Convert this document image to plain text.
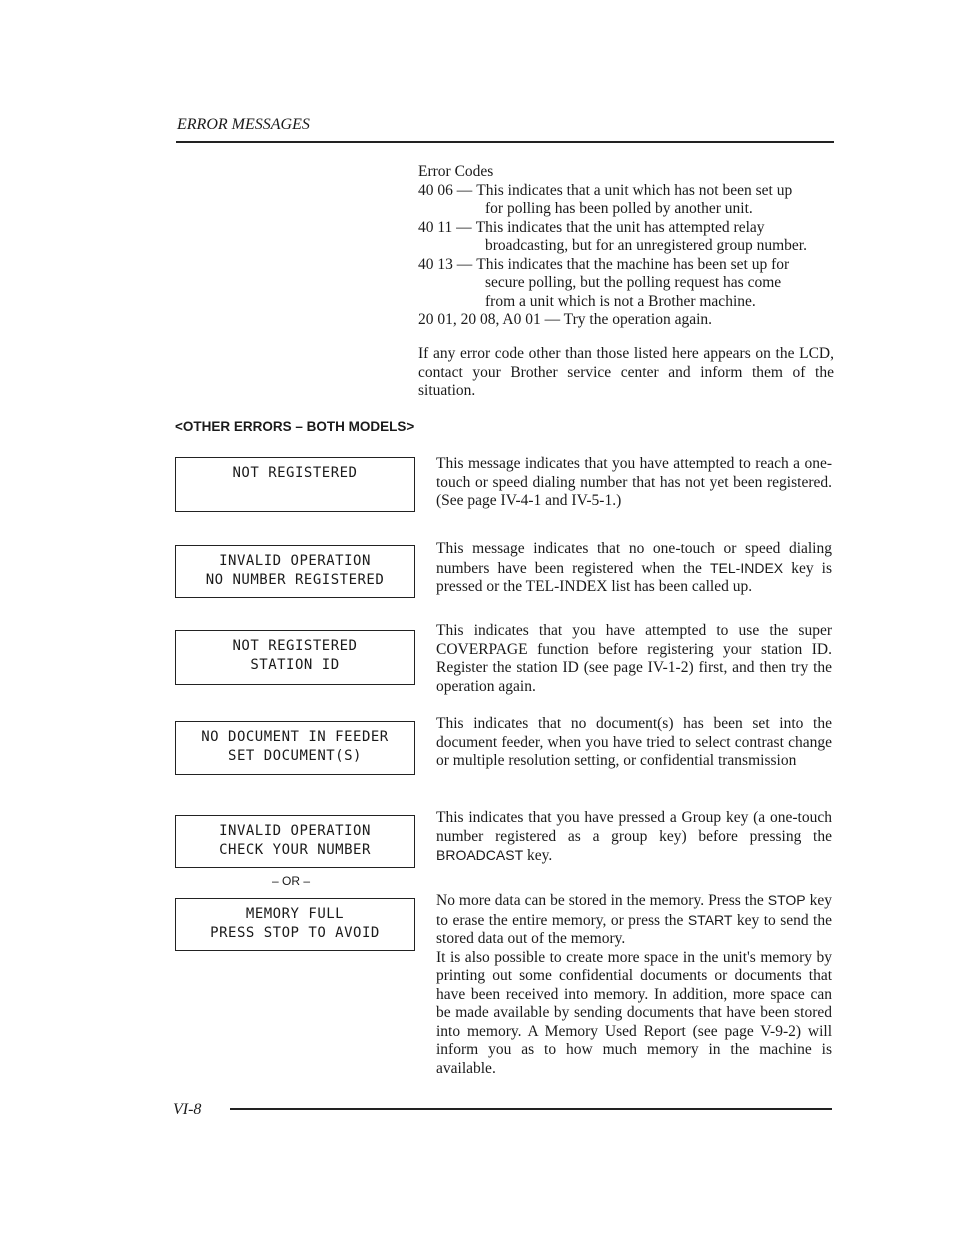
ERROR MESSAGES
Error Codes
40 06 — This indicates that a unit which has not been set up
for polling has been polled by another unit.
40 11 — This indicates that the unit has attempted relay
broadcasting, but for an unregistered group number.
40 13 — This indicates that the machine has been set up for
secure polling, but the polling request has come
from a unit which is not a Brother machine.
20 01, 20 08, A0 01 — Try the operation again.
If any error code other than those listed here appears on the LCD, contact your Brother service center and inform them of the situation.
<OTHER ERRORS – BOTH MODELS>
NOT REGISTERED
This message indicates that you have attempted to reach a one-touch or speed dialing number that has not yet been registered. (See page IV-4-1 and IV-5-1.)
INVALID OPERATION
NO NUMBER REGISTERED
This message indicates that no one-touch or speed dialing numbers have been registered when the TEL-INDEX key is pressed or the TEL-INDEX list has been called up.
NOT REGISTERED
STATION ID
This indicates that you have attempted to use the super COVERPAGE function before registering your station ID. Register the station ID (see page IV-1-2) first, and then try the operation again.
NO DOCUMENT IN FEEDER
SET DOCUMENT(S)
This indicates that no document(s) has been set into the document feeder, when you have tried to select contrast change or multiple resolution setting, or confidential transmission
INVALID OPERATION
CHECK YOUR NUMBER
This indicates that you have pressed a Group key (a one-touch number registered as a group key) before pressing the BROADCAST key.
– OR –
MEMORY FULL
PRESS STOP TO AVOID
No more data can be stored in the memory. Press the STOP key to erase the entire memory, or press the START key to send the stored data out of the memory.
It is also possible to create more space in the unit's memory by printing out some confidential documents or documents that have been received into memory. In addition, more space can be made available by sending documents that have been stored into memory. A Memory Used Report (see page V-9-2) will inform you as to how much memory in the machine is available.
VI-8
